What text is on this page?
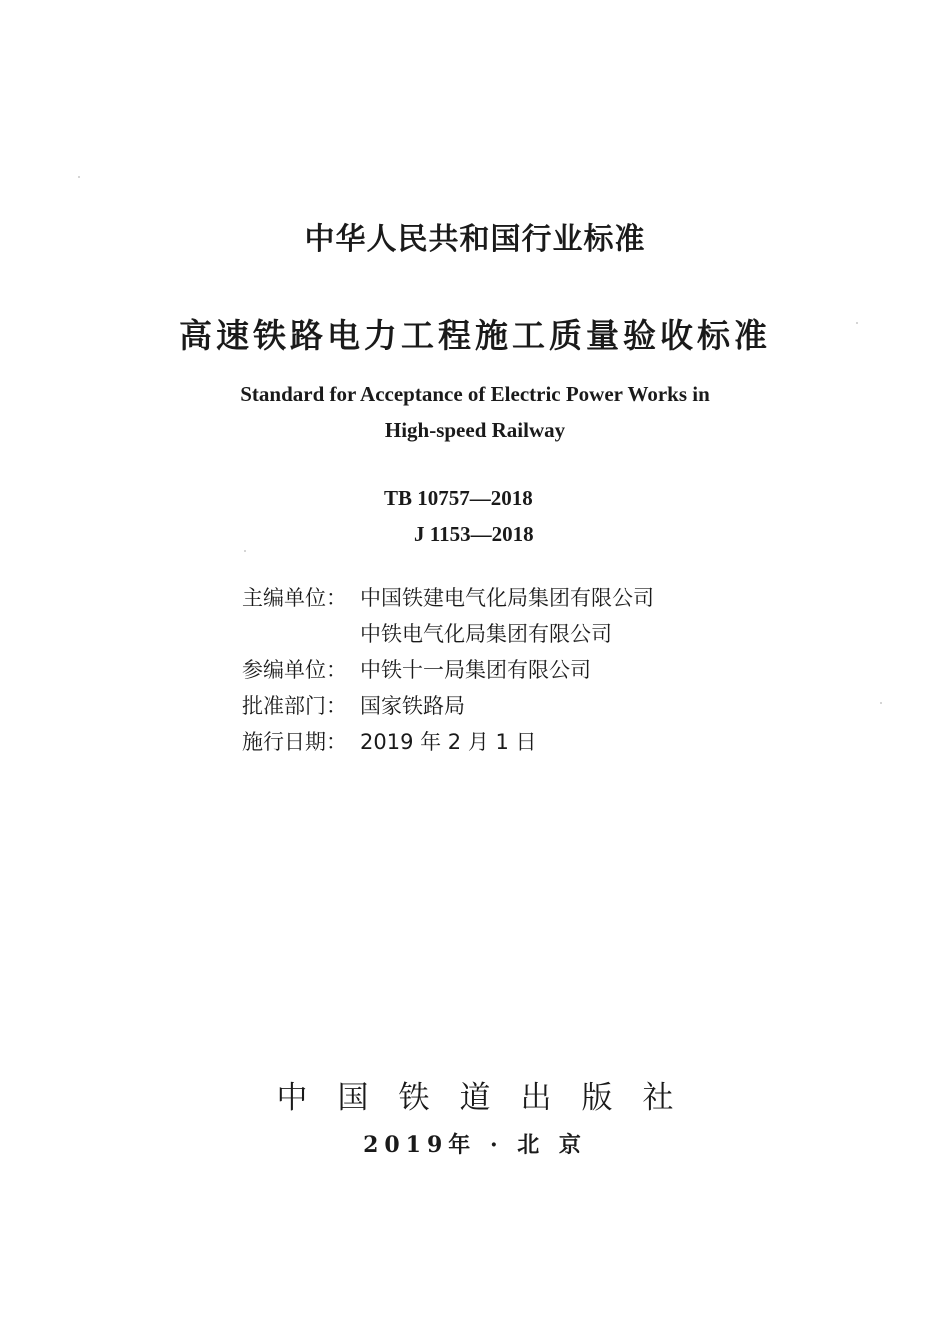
中华人民共和国行业标准
高速铁路电力工程施工质量验收标准
Standard for Acceptance of Electric Power Works in
High-speed Railway
TB 10757—2018
J 1153—2018
主编单位： 中国铁建电气化局集团有限公司
中铁电气化局集团有限公司
参编单位： 中铁十一局集团有限公司
批准部门： 国家铁路局
施行日期： 2019 年 2 月 1 日
中国铁道出版社
2019年 · 北 京
